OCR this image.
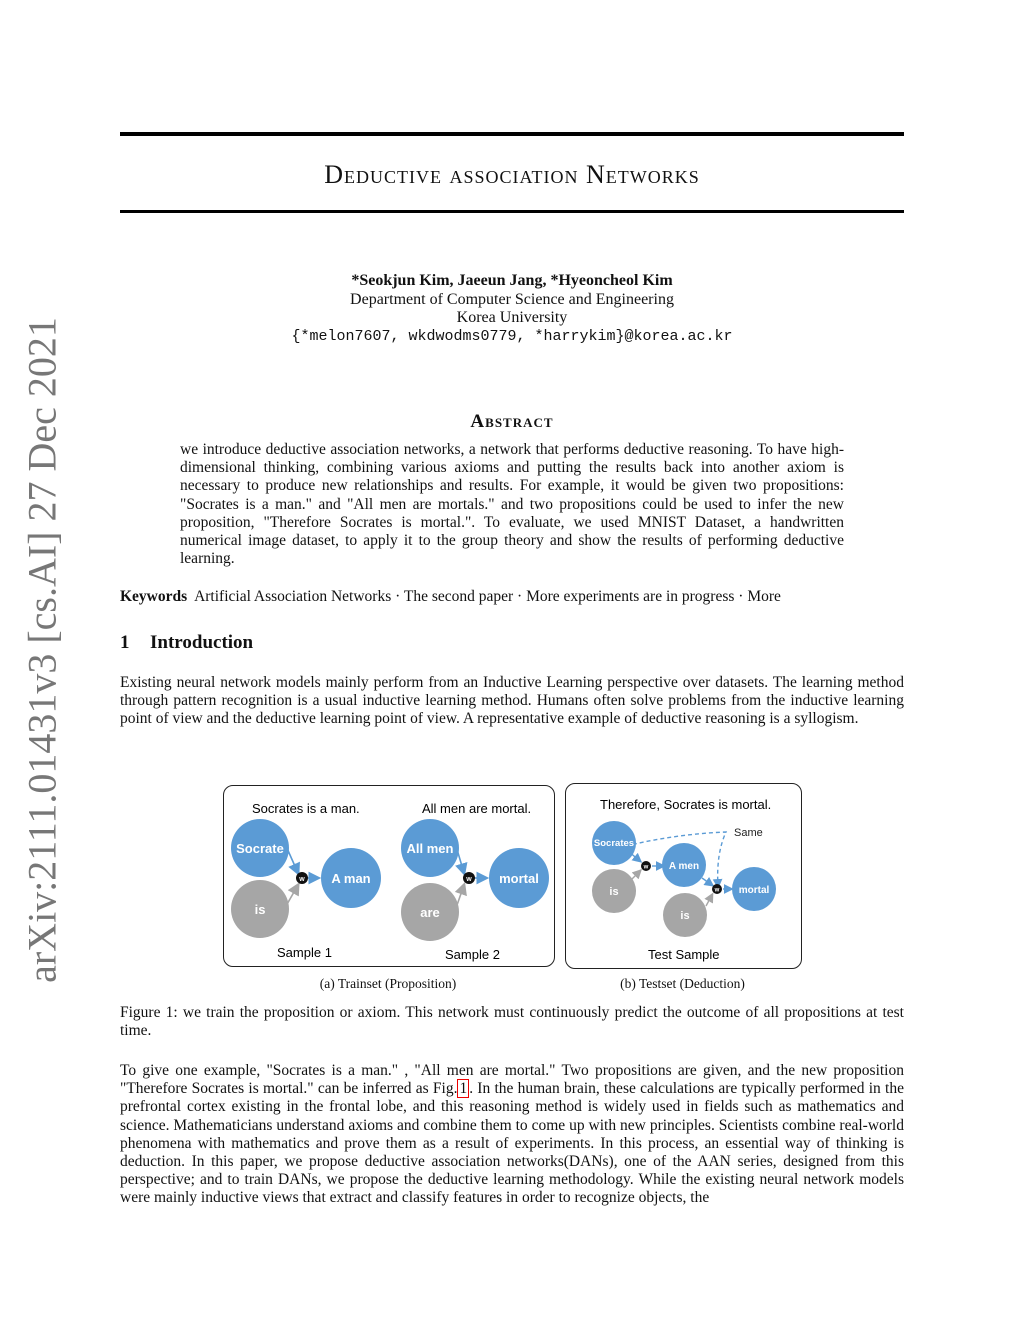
arXiv:2111.01431v3 [cs.AI] 27 Dec 2021
Deductive association Networks
*Seokjun Kim, Jaeeun Jang, *Hyeoncheol Kim
Department of Computer Science and Engineering
Korea University
{*melon7607, wkdwodms0779, *harrykim}@korea.ac.kr
Abstract
we introduce deductive association networks, a network that performs deductive reasoning. To have high-dimensional thinking, combining various axioms and putting the results back into another axiom is necessary to produce new relationships and results. For example, it would be given two propositions: "Socrates is a man." and "All men are mortals." and two propositions could be used to infer the new proposition, "Therefore Socrates is mortal.". To evaluate, we used MNIST Dataset, a handwritten numerical image dataset, to apply it to the group theory and show the results of performing deductive learning.
Keywords Artificial Association Networks · The second paper · More experiments are in progress · More
1 Introduction
Existing neural network models mainly perform from an Inductive Learning perspective over datasets. The learning method through pattern recognition is a usual inductive learning method. Humans often solve problems from the inductive learning point of view and the deductive learning point of view. A representative example of deductive reasoning is a syllogism.
Socrates is a man.	All men are mortal.
Socrate
is
w A man
All men
are
w mortal
Sample 1	Sample 2
Therefore, Socrates is mortal.
Same
Socrates
is
w A men
is
w mortal
Test Sample
(a) Trainset (Proposition)	(b) Testset (Deduction)
Figure 1: we train the proposition or axiom. This network must continuously predict the outcome of all propositions at test time.
To give one example, "Socrates is a man." , "All men are mortal." Two propositions are given, and the new proposition "Therefore Socrates is mortal." can be inferred as Fig. 1 . In the human brain, these calculations are typically performed in the prefrontal cortex existing in the frontal lobe, and this reasoning method is widely used in fields such as mathematics and science. Mathematicians understand axioms and combine them to come up with new principles. Scientists combine real-world phenomena with mathematics and prove them as a result of experiments. In this process, an essential way of thinking is deduction. In this paper, we propose deductive association networks(DANs), one of the AAN series, designed from this perspective; and to train DANs, we propose the deductive learning methodology. While the existing neural network models were mainly inductive views that extract and classify features in order to recognize objects, the
